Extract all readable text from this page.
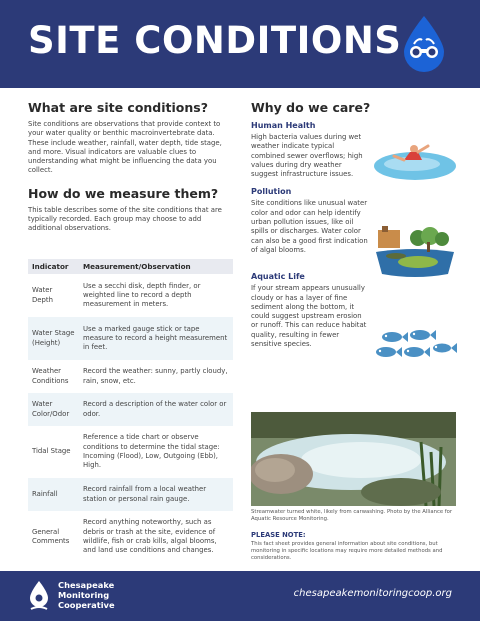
SITE CONDITIONS
What are site conditions?

Site conditions are observations that provide context to your water quality or benthic macroinvertebrate data. These include weather, rainfall, water depth, tide stage, and more. Visual indicators are valuable clues to understanding what might be influencing the data you collect.

How do we measure them?

This table describes some of the site conditions that are typically recorded. Each group may choose to add additional observations.

Indicator	Measurement/Observation
Water Depth	Use a secchi disk, depth finder, or weighted line to record a depth measurement in meters.
Water Stage (Height)	Use a marked gauge stick or tape measure to record a height measurement in feet.
Weather Conditions	Record the weather: sunny, partly cloudy, rain, snow, etc.
Water Color/Odor	Record a description of the water color or odor.
Tidal Stage	Reference a tide chart or observe conditions to determine the tidal stage: Incoming (Flood), Low, Outgoing (Ebb), High.
Rainfall	Record rainfall from a local weather station or personal rain gauge.
General Comments	Record anything noteworthy, such as debris or trash at the site, evidence of wildlife, fish or crab kills, algal blooms, and land use conditions and changes.
Why do we care?
Human Health

High bacteria values during wet weather indicate typical combined sewer overflows; high values during dry weather suggest infrastructure issues.

Pollution

Site conditions like unusual water color and odor can help identify urban pollution issues, like oil spills or discharges. Water color can also be a good first indication of algal blooms.

Aquatic Life

If your stream appears unusually cloudy or has a layer of fine sediment along the bottom, it could suggest upstream erosion or runoff. This can reduce habitat quality, resulting in fewer sensitive species.

Streamwater turned white, likely from carwashing. Photo by the Alliance for Aquatic Resource Monitoring.
PLEASE NOTE:
This fact sheet provides general information about site conditions, but monitoring in specific locations may require more detailed methods and considerations.
Chesapeake
Monitoring
Cooperative
chesapeakemonitoringcoop.org
